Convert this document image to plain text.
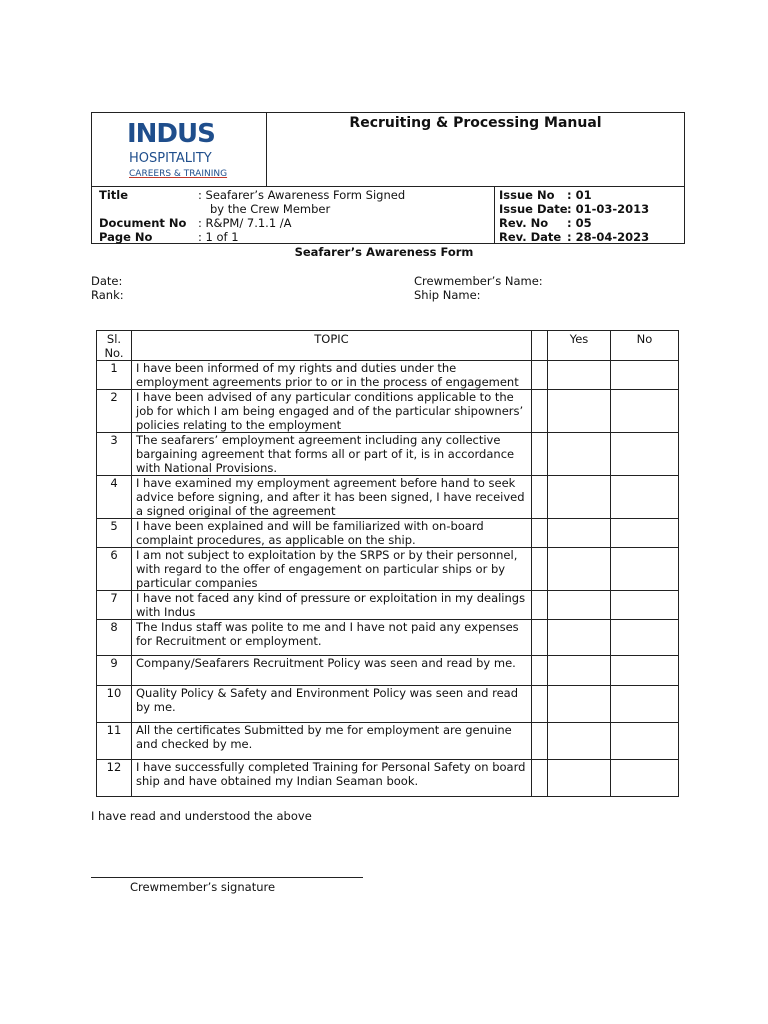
INDUS
HOSPITALITY
CAREERS & TRAINING
Recruiting & Processing Manual
Title	: Seafarer’s Awareness Form Signed
by the Crew Member
Document No : R&PM/ 7.1.1 /A
Page No	: 1 of 1
Issue No : 01
Issue Date : 01-03-2013
Rev. No : 05
Rev. Date : 28-04-2023
Seafarer’s Awareness Form
Date:
Rank:
Crewmember’s Name:
Ship Name:
Sl.
No.	TOPIC		Yes	No
1	I have been informed of my rights and duties under the employment agreements prior to or in the process of engagement			
2	I have been advised of any particular conditions applicable to the job for which I am being engaged and of the particular shipowners’ policies relating to the employment			
3	The seafarers’ employment agreement including any collective bargaining agreement that forms all or part of it, is in accordance with National Provisions.			
4	I have examined my employment agreement before hand to seek advice before signing, and after it has been signed, I have received a signed original of the agreement			
5	I have been explained and will be familiarized with on-board complaint procedures, as applicable on the ship.			
6	I am not subject to exploitation by the SRPS or by their personnel, with regard to the offer of engagement on particular ships or by particular companies			
7	I have not faced any kind of pressure or exploitation in my dealings with Indus			
8	The Indus staff was polite to me and I have not paid any expenses for Recruitment or employment.			
9	Company/Seafarers Recruitment Policy was seen and read by me.			
10	Quality Policy & Safety and Environment Policy was seen and read by me.			
11	All the certificates Submitted by me for employment are genuine and checked by me.			
12	I have successfully completed Training for Personal Safety on board ship and have obtained my Indian Seaman book.			
I have read and understood the above
Crewmember’s signature
